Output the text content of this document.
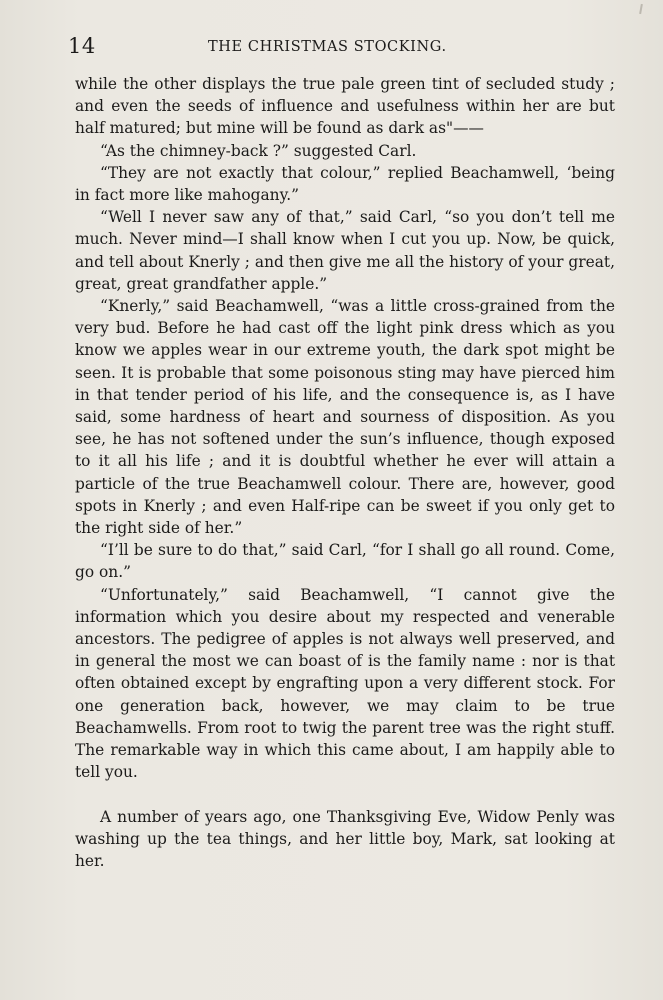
14	THE CHRISTMAS STOCKING.

while the other displays the true pale green tint of secluded study ; and even the seeds of influence and usefulness within her are but half matured; but mine will be found as dark as"——

“As the chimney-back ?” suggested Carl.

“They are not exactly that colour,” replied Beachamwell, ‘being in fact more like mahogany.”

“Well I never saw any of that,” said Carl, “so you don’t tell me much. Never mind—I shall know when I cut you up. Now, be quick, and tell about Knerly ; and then give me all the history of your great, great, great grandfather apple.”

“Knerly,” said Beachamwell, “was a little cross-grained from the very bud. Before he had cast off the light pink dress which as you know we apples wear in our extreme youth, the dark spot might be seen. It is probable that some poisonous sting may have pierced him in that tender period of his life, and the consequence is, as I have said, some hardness of heart and sourness of disposition. As you see, he has not softened under the sun’s influence, though exposed to it all his life ; and it is doubtful whether he ever will attain a particle of the true Beachamwell colour. There are, however, good spots in Knerly ; and even Half-ripe can be sweet if you only get to the right side of her.”

“I’ll be sure to do that,” said Carl, “for I shall go all round. Come, go on.”

“Unfortunately,” said Beachamwell, “I cannot give the information which you desire about my respected and venerable ancestors. The pedigree of apples is not always well preserved, and in general the most we can boast of is the family name : nor is that often obtained except by engrafting upon a very different stock. For one generation back, however, we may claim to be true Beachamwells. From root to twig the parent tree was the right stuff. The remarkable way in which this came about, I am happily able to tell you.

A number of years ago, one Thanksgiving Eve, Widow Penly was washing up the tea things, and her little boy, Mark, sat looking at her.
